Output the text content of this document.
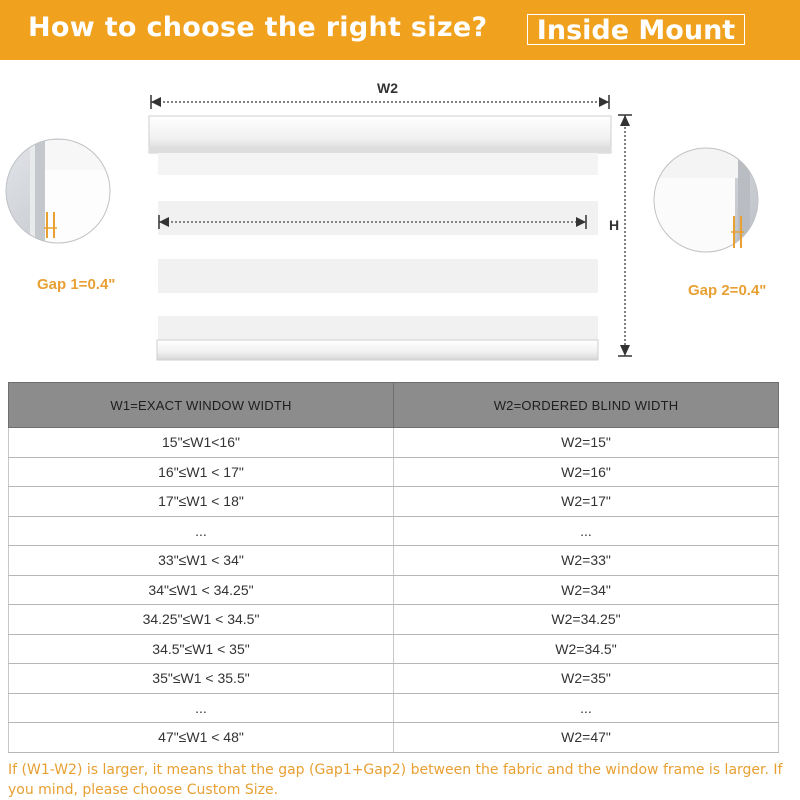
How to choose the right size?	Inside Mount
W2
H
Gap 1=0.4"	Gap 2=0.4"
W1=EXACT WINDOW WIDTH	W2=ORDERED BLIND WIDTH
15"≤W1<16"	W2=15"
16"≤W1 < 17"	W2=16"
17"≤W1 < 18"	W2=17"
...	...
33"≤W1 < 34"	W2=33"
34"≤W1 < 34.25"	W2=34"
34.25"≤W1 < 34.5"	W2=34.25"
34.5"≤W1 < 35"	W2=34.5"
35"≤W1 < 35.5"	W2=35"
...	...
47"≤W1 < 48"	W2=47"
If (W1-W2) is larger, it means that the gap (Gap1+Gap2) between the fabric and the window frame is larger. If you mind, please choose Custom Size.
